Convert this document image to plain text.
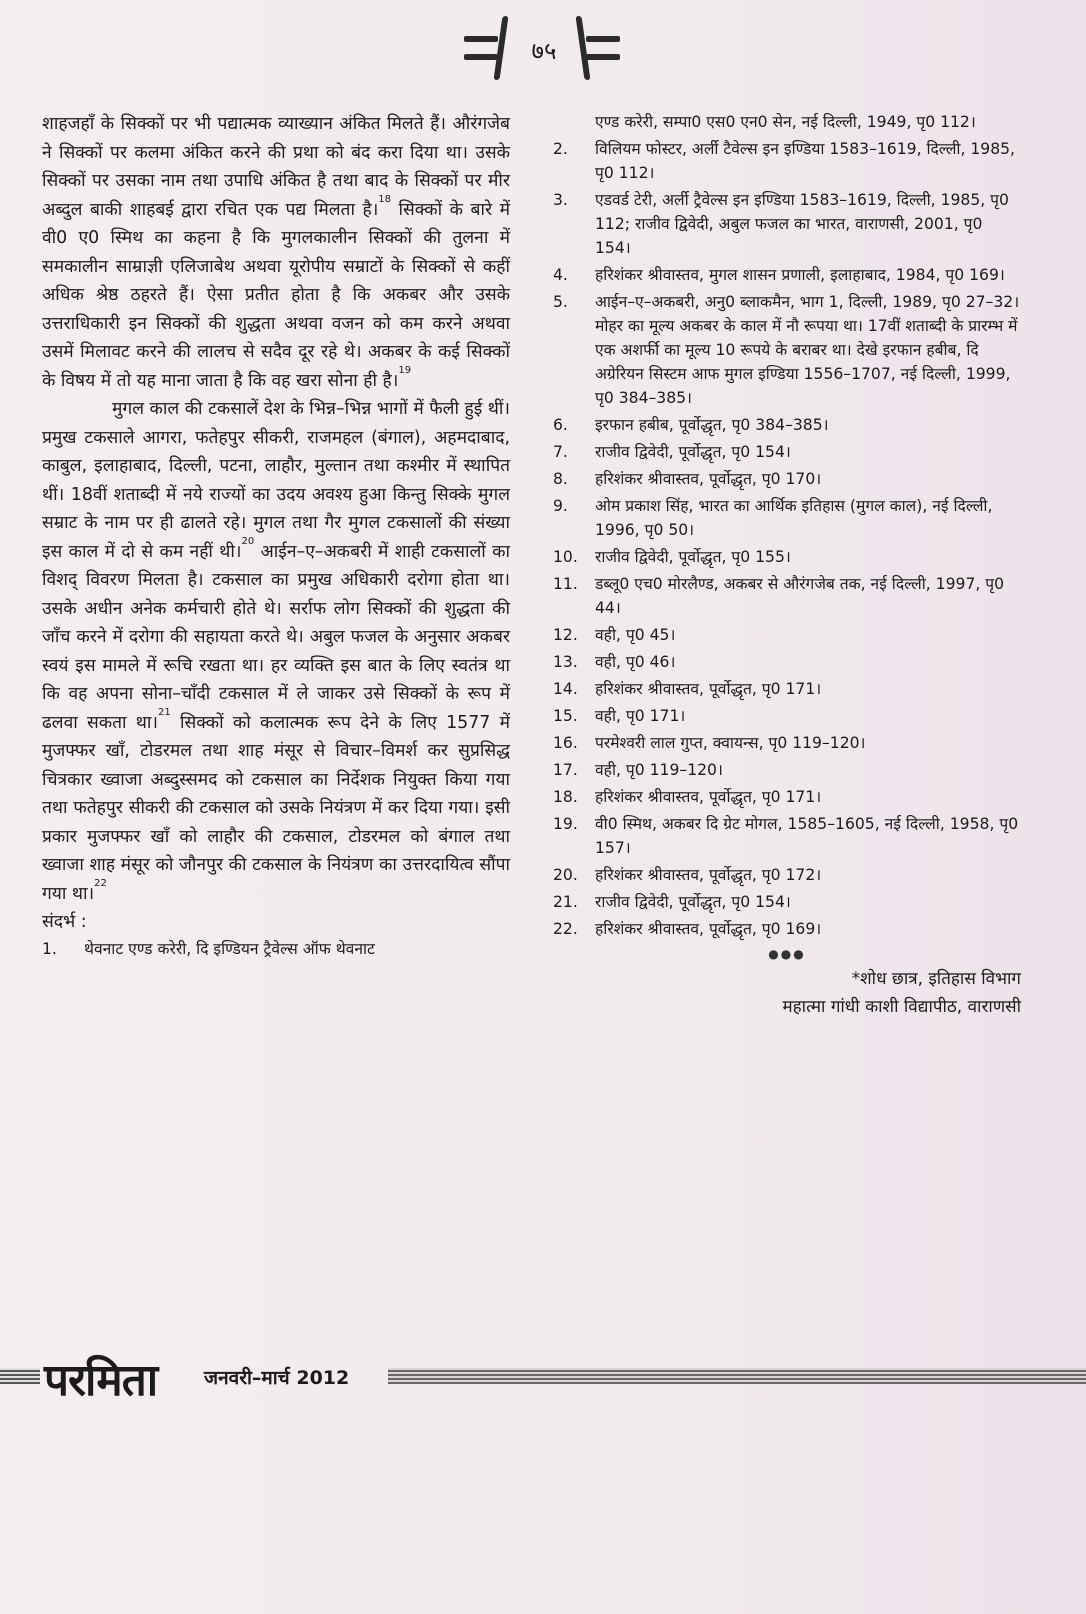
७५

शाहजहाँ के सिक्कों पर भी पद्यात्मक व्याख्यान अंकित मिलते हैं। औरंगजेब ने सिक्कों पर कलमा अंकित करने की प्रथा को बंद करा दिया था। उसके सिक्कों पर उसका नाम तथा उपाधि अंकित है तथा बाद के सिक्कों पर मीर अब्दुल बाकी शाहबई द्वारा रचित एक पद्य मिलता है।$^{18}$ सिक्कों के बारे में वी0 ए0 स्मिथ का कहना है कि मुगलकालीन सिक्कों की तुलना में समकालीन साम्राज्ञी एलिजाबेथ अथवा यूरोपीय सम्राटों के सिक्कों से कहीं अधिक श्रेष्ठ ठहरते हैं। ऐसा प्रतीत होता है कि अकबर और उसके उत्तराधिकारी इन सिक्कों की शुद्धता अथवा वजन को कम करने अथवा उसमें मिलावट करने की लालच से सदैव दूर रहे थे। अकबर के कई सिक्कों के विषय में तो यह माना जाता है कि वह खरा सोना ही है।$^{19}$

मुगल काल की टकसालें देश के भिन्न–भिन्न भागों में फैली हुई थीं। प्रमुख टकसाले आगरा, फतेहपुर सीकरी, राजमहल (बंगाल), अहमदाबाद, काबुल, इलाहाबाद, दिल्ली, पटना, लाहौर, मुल्तान तथा कश्मीर में स्थापित थीं। 18वीं शताब्दी में नये राज्यों का उदय अवश्य हुआ किन्तु सिक्के मुगल सम्राट के नाम पर ही ढालते रहे। मुगल तथा गैर मुगल टकसालों की संख्या इस काल में दो से कम नहीं थी।$^{20}$ आईन–ए–अकबरी में शाही टकसालों का विशद् विवरण मिलता है। टकसाल का प्रमुख अधिकारी दरोगा होता था। उसके अधीन अनेक कर्मचारी होते थे। सर्राफ लोग सिक्कों की शुद्धता की जाँच करने में दरोगा की सहायता करते थे। अबुल फजल के अनुसार अकबर स्वयं इस मामले में रूचि रखता था। हर व्यक्ति इस बात के लिए स्वतंत्र था कि वह अपना सोना–चाँदी टकसाल में ले जाकर उसे सिक्कों के रूप में ढलवा सकता था।$^{21}$ सिक्कों को कलात्मक रूप देने के लिए 1577 में मुजफ्फर खाँ, टोडरमल तथा शाह मंसूर से विचार–विमर्श कर सुप्रसिद्ध चित्रकार ख्वाजा अब्दुस्समद को टकसाल का निर्देशक नियुक्त किया गया तथा फतेहपुर सीकरी की टकसाल को उसके नियंत्रण में कर दिया गया। इसी प्रकार मुजफ्फर खाँ को लाहौर की टकसाल, टोडरमल को बंगाल तथा ख्वाजा शाह मंसूर को जौनपुर की टकसाल के नियंत्रण का उत्तरदायित्व सौंपा गया था।$^{22}$

संदर्भ :

1. थेवनाट एण्ड करेरी, दि इण्डियन ट्रैवेल्स ऑफ थेवनाट
एण्ड करेरी, सम्पा0 एस0 एन0 सेन, नई दिल्ली, 1949, पृ0 112।
2. विलियम फोस्टर, अर्ली टैवेल्स इन इण्डिया 1583–1619, दिल्ली, 1985, पृ0 112।
3. एडवर्ड टेरी, अर्ली ट्रैवेल्स इन इण्डिया 1583–1619, दिल्ली, 1985, पृ0 112; राजीव द्विवेदी, अबुल फजल का भारत, वाराणसी, 2001, पृ0 154।
4. हरिशंकर श्रीवास्तव, मुगल शासन प्रणाली, इलाहाबाद, 1984, पृ0 169।
5. आईन–ए–अकबरी, अनु0 ब्लाकमैन, भाग 1, दिल्ली, 1989, पृ0 27–32। मोहर का मूल्य अकबर के काल में नौ रूपया था। 17वीं शताब्दी के प्रारम्भ में एक अशर्फी का मूल्य 10 रूपये के बराबर था। देखे इरफान हबीब, दि अग्रेरियन सिस्टम आफ मुगल इण्डिया 1556–1707, नई दिल्ली, 1999, पृ0 384–385।
6. इरफान हबीब, पूर्वोद्धृत, पृ0 384–385।
7. राजीव द्विवेदी, पूर्वोद्धृत, पृ0 154।
8. हरिशंकर श्रीवास्तव, पूर्वोद्धृत, पृ0 170।
9. ओम प्रकाश सिंह, भारत का आर्थिक इतिहास (मुगल काल), नई दिल्ली, 1996, पृ0 50।
10. राजीव द्विवेदी, पूर्वोद्धृत, पृ0 155।
11. डब्लू0 एच0 मोरलैण्ड, अकबर से औरंगजेब तक, नई दिल्ली, 1997, पृ0 44।
12. वही, पृ0 45।
13. वही, पृ0 46।
14. हरिशंकर श्रीवास्तव, पूर्वोद्धृत, पृ0 171।
15. वही, पृ0 171।
16. परमेश्वरी लाल गुप्त, क्वायन्स, पृ0 119–120।
17. वही, पृ0 119–120।
18. हरिशंकर श्रीवास्तव, पूर्वोद्धृत, पृ0 171।
19. वी0 स्मिथ, अकबर दि ग्रेट मोगल, 1585–1605, नई दिल्ली, 1958, पृ0 157।
20. हरिशंकर श्रीवास्तव, पूर्वोद्धृत, पृ0 172।
21. राजीव द्विवेदी, पूर्वोद्धृत, पृ0 154।
22. हरिशंकर श्रीवास्तव, पूर्वोद्धृत, पृ0 169।
●●●
*शोध छात्र, इतिहास विभाग
महात्मा गांधी काशी विद्यापीठ, वाराणसी
परमिता जनवरी–मार्च 2012
